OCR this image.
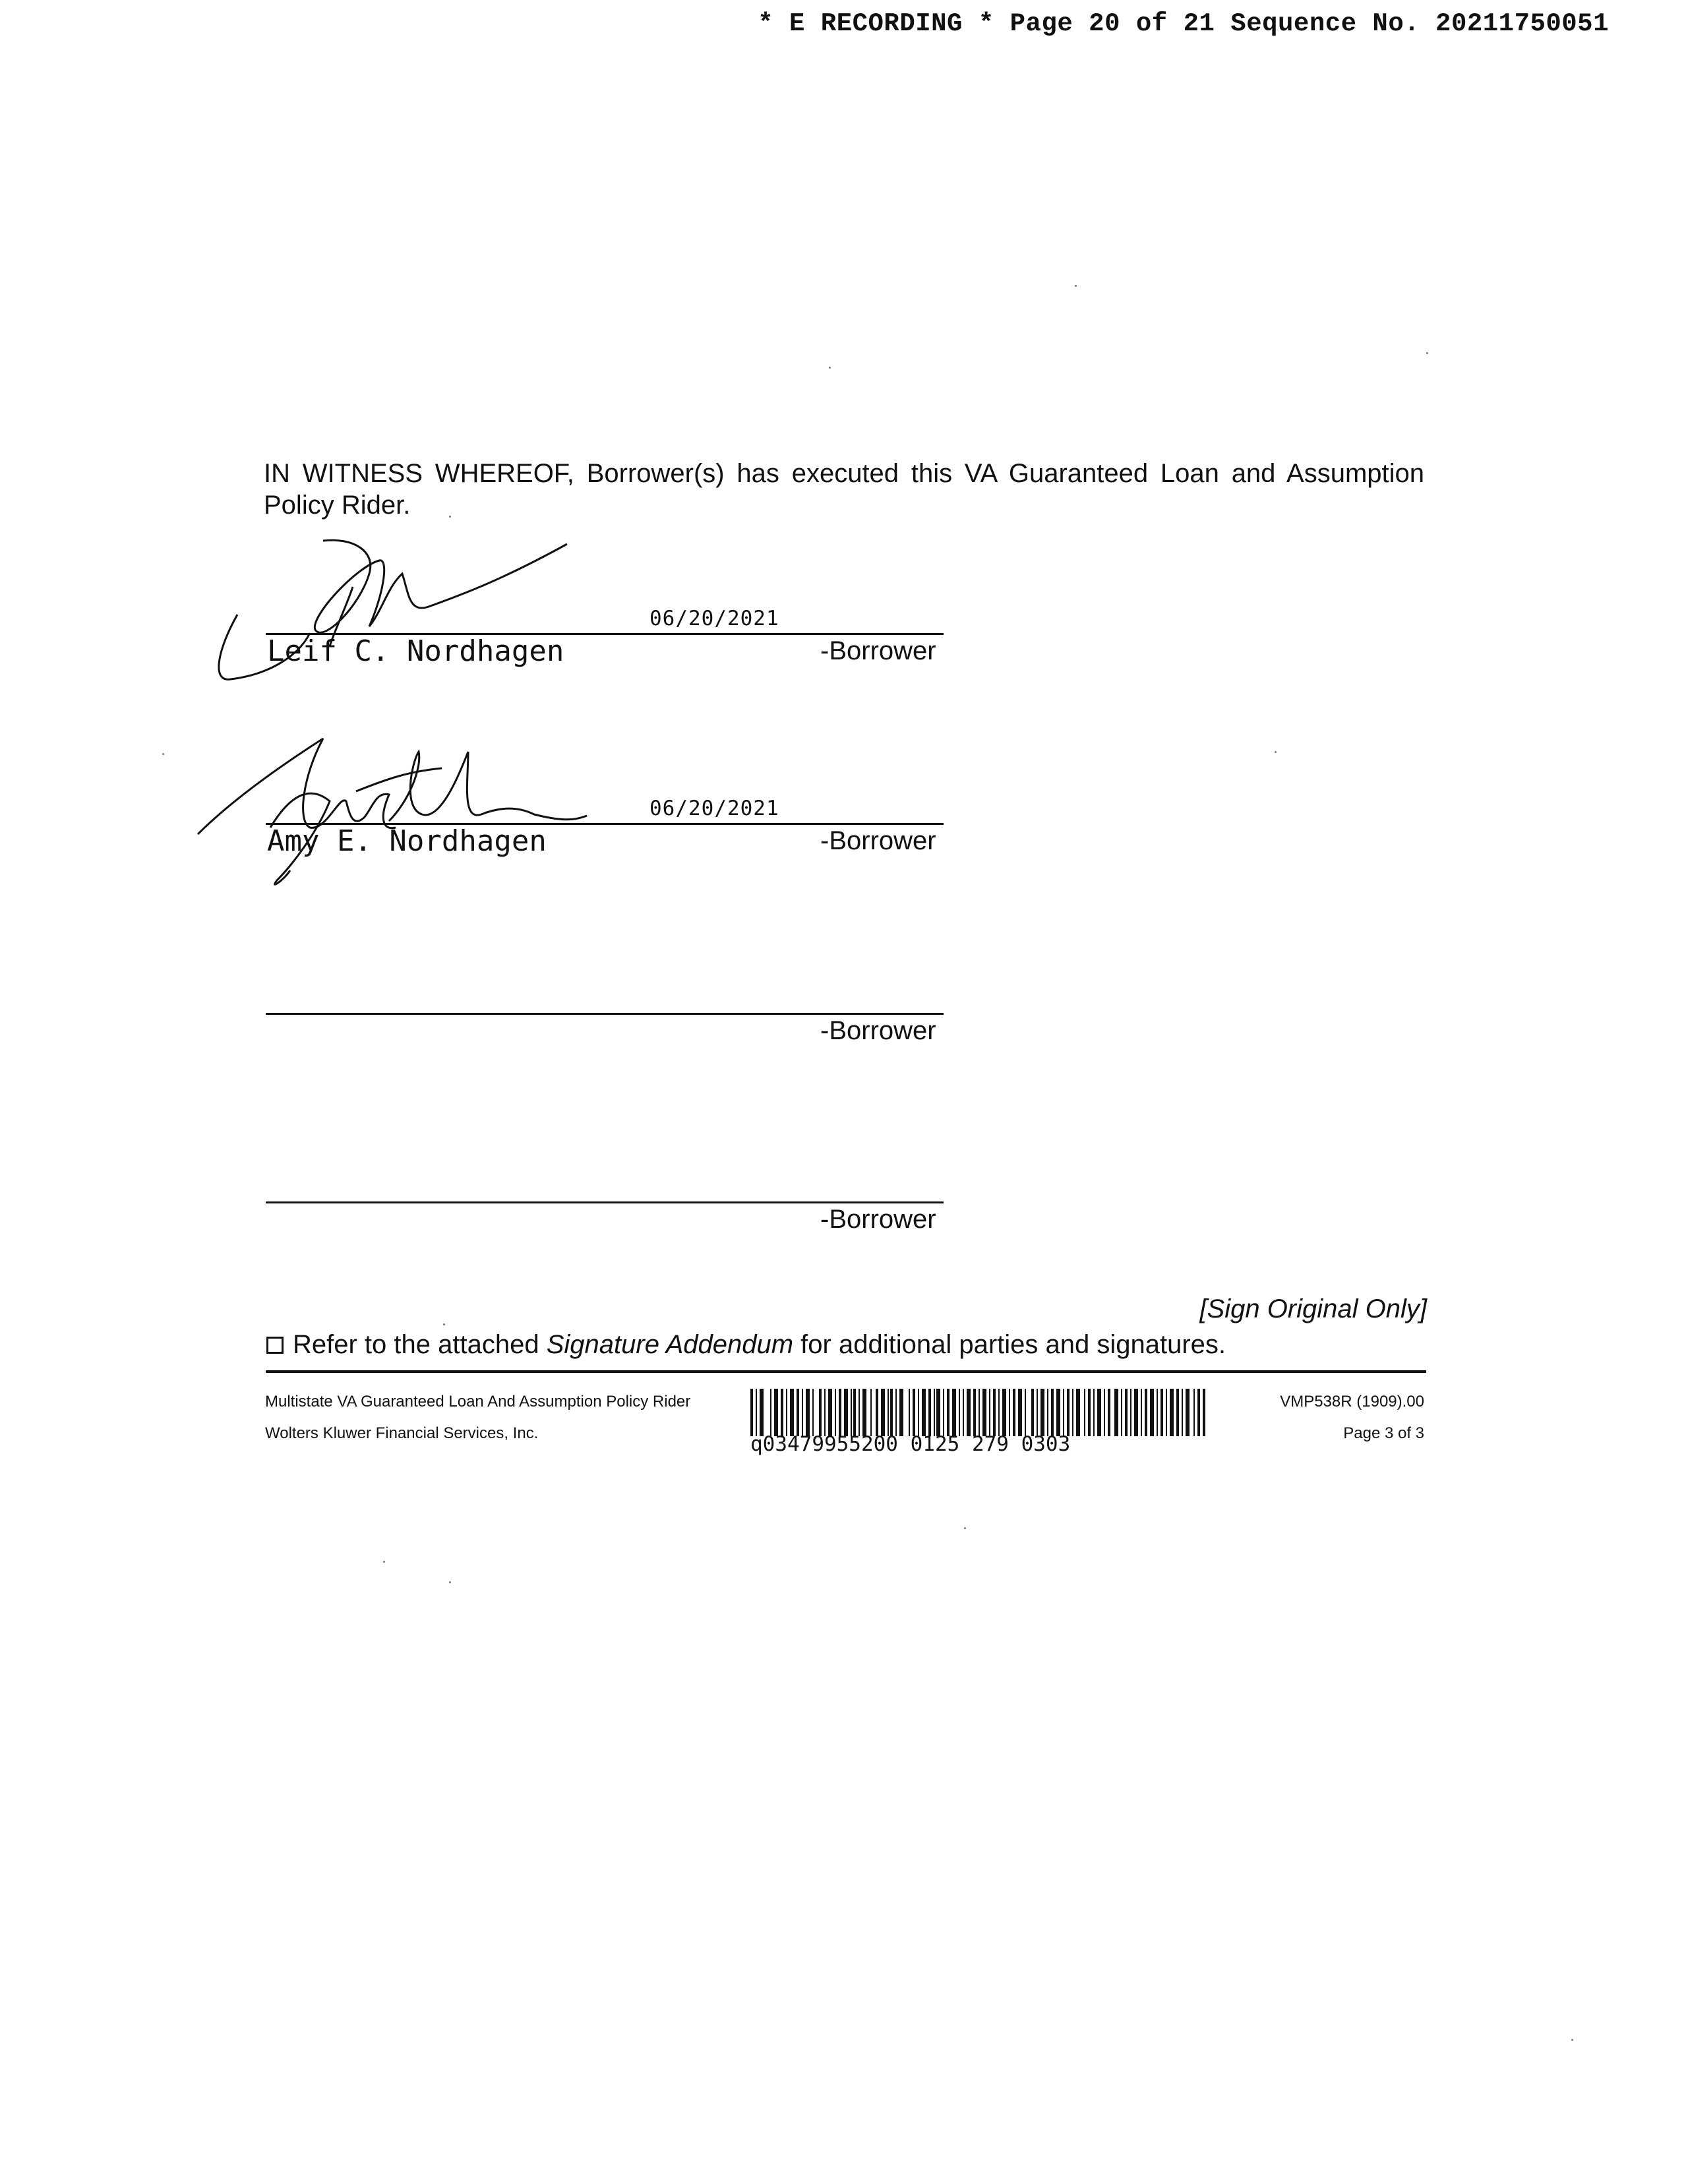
* E RECORDING * Page 20 of 21 Sequence No. 20211750051
IN WITNESS WHEREOF, Borrower(s) has executed this VA Guaranteed Loan and Assumption Policy Rider.
06/20/2021
Leif C. Nordhagen	-Borrower
06/20/2021
Amy E. Nordhagen	-Borrower
-Borrower
-Borrower
[Sign Original Only]
Refer to the attached
Signature Addendum
for additional parties and signatures.
Multistate VA Guaranteed Loan And Assumption Policy Rider
Wolters Kluwer Financial Services, Inc.	q03479955200 0125 279 0303
VMP538R (1909).00
Page 3 of 3
